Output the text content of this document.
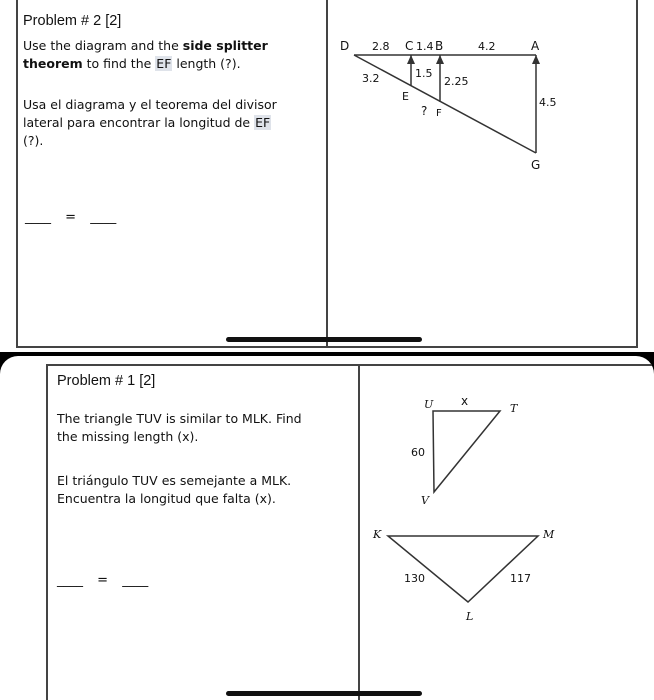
Problem # 2 [2]
Use the diagram and the side splitter
theorem to find the EF length (?).
Usa el diagrama y el teorema del divisor
lateral para encontrar la longitud de EF
(?).
____ = ____
D 2.8 C 1.4 B	4.2	A
3.2	1.5
2.25
E
? F
4.5
G
Problem # 1 [2]
The triangle TUV is similar to MLK. Find
the missing length (x).
El triángulo TUV es semejante a MLK.
Encuentra la longitud que falta (x).
____ = ____
U x
T
60
V
K	M
130	117
L
